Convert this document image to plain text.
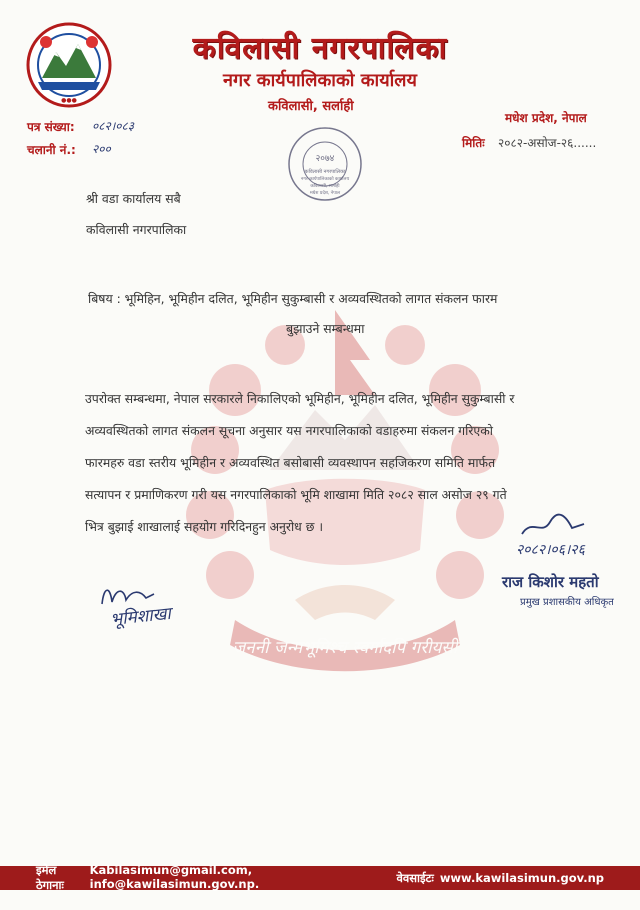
जननी जन्मभूमिश्च स्वर्गादपि गरीयसी
●●●
कविलासी नगरपालिका
नगर कार्यपालिकाको कार्यालय
कविलासी, सर्लाही
मधेश प्रदेश, नेपाल
पत्र संख्या: ०८२।०८३
चलानी नं.: २००	मितिः २०८२-असोज-२६......
२०७४
कविलासी नगरपालिका
नगर कार्यपालिकाको कार्यालय
कविलासी, सर्लाही
मधेश प्रदेश, नेपाल
श्री वडा कार्यालय सबै
कविलासी नगरपालिका
बिषय : भूमिहिन, भूमिहीन दलित, भूमिहीन सुकुम्बासी र अव्यवस्थितको लागत संकलन फारम
बुझाउने सम्बन्धमा
उपरोक्त सम्बन्धमा, नेपाल सरकारले निकालिएको भूमिहीन, भूमिहीन दलित, भूमिहीन सुकुम्बासी र
अव्यवस्थितको लागत संकलन सूचना अनुसार यस नगरपालिकाको वडाहरुमा संकलन गरिएको
फारमहरु वडा स्तरीय भूमिहीन र अव्यवस्थित बसोबासी व्यवस्थापन सहजिकरण समिति मार्फत
सत्यापन र प्रमाणिकरण गरी यस नगरपालिकाको भूमि शाखामा मिति २०८२ साल असोज २९ गते
भित्र बुझाई शाखालाई सहयोग गरिदिनहुन अनुरोध छ ।
२०८२।०६।२६
राज किशोर महतो
प्रमुख प्रशासकीय अधिकृत
भूमिशाखा
इमेल ठेगानाः
Kabilasimun@gmail.com, info@kawilasimun.gov.np.	वेवसाईटः www.kawilasimun.gov.np
